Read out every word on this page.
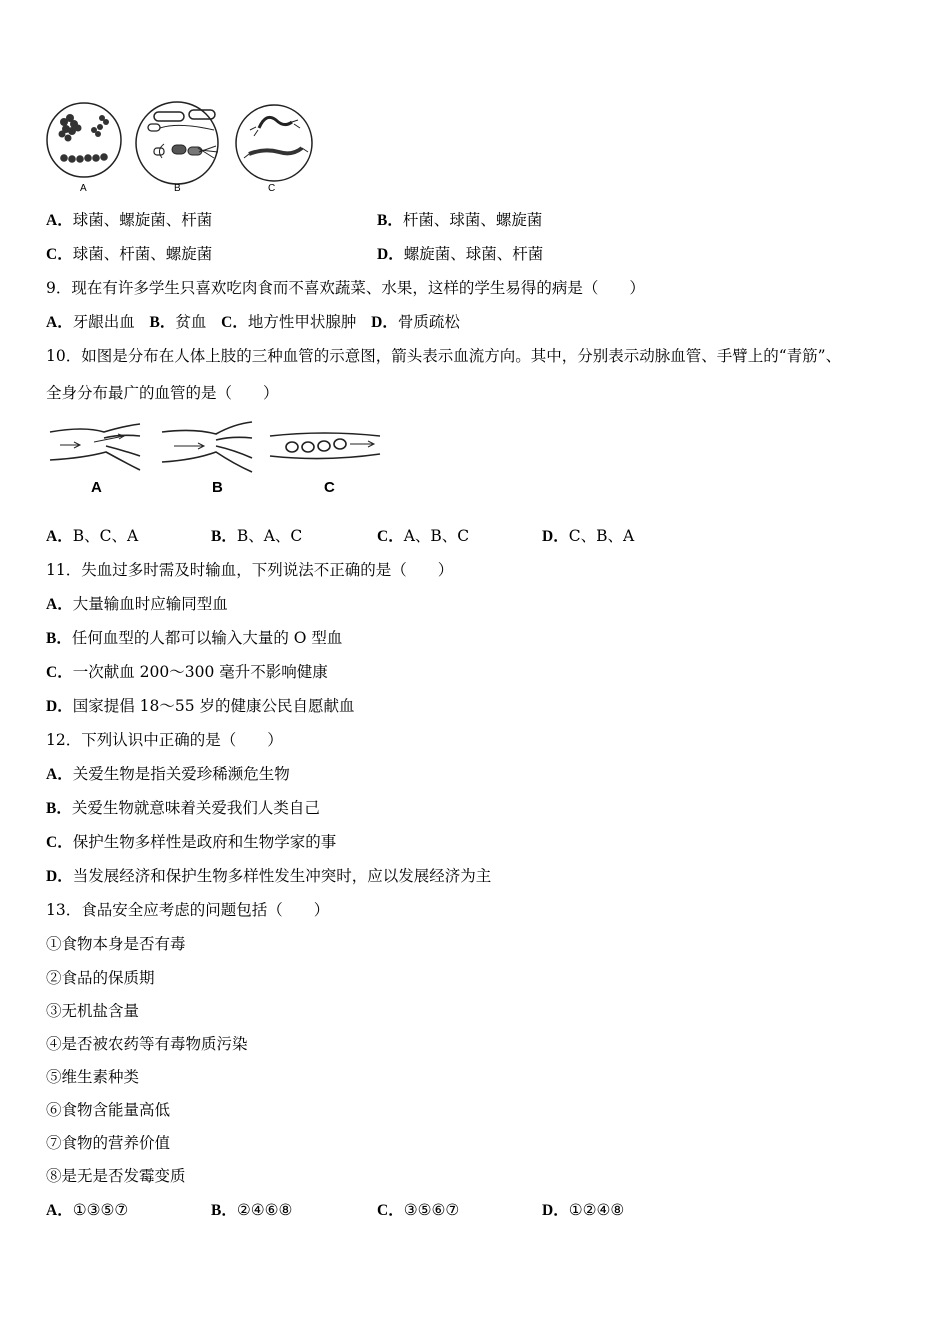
A	B	C
A．球菌、螺旋菌、杆菌	B．杆菌、球菌、螺旋菌
C．球菌、杆菌、螺旋菌	D．螺旋菌、球菌、杆菌
9．现在有许多学生只喜欢吃肉食而不喜欢蔬菜、水果，这样的学生易得的病是（　　）
A．牙龈出血 B．贫血 C．地方性甲状腺肿 D．骨质疏松
10．如图是分布在人体上肢的三种血管的示意图，箭头表示血流方向。其中，分别表示动脉血管、手臂上的“青筋”、
全身分布最广的血管的是（　　）
A	B	C
A．B、C、A	B．B、A、C	C．A、B、C	D．C、B、A
11．失血过多时需及时输血，下列说法不正确的是（　　）
A．大量输血时应输同型血
B．任何血型的人都可以输入大量的 O 型血
C．一次献血 200～300 毫升不影响健康
D．国家提倡 18～55 岁的健康公民自愿献血
12．下列认识中正确的是（　　）
A．关爱生物是指关爱珍稀濒危生物
B．关爱生物就意味着关爱我们人类自己
C．保护生物多样性是政府和生物学家的事
D．当发展经济和保护生物多样性发生冲突时，应以发展经济为主
13．食品安全应考虑的问题包括（　　）
①食物本身是否有毒
②食品的保质期
③无机盐含量
④是否被农药等有毒物质污染
⑤维生素种类
⑥食物含能量高低
⑦食物的营养价值
⑧是无是否发霉变质
A．①③⑤⑦	B．②④⑥⑧	C．③⑤⑥⑦	D．①②④⑧
